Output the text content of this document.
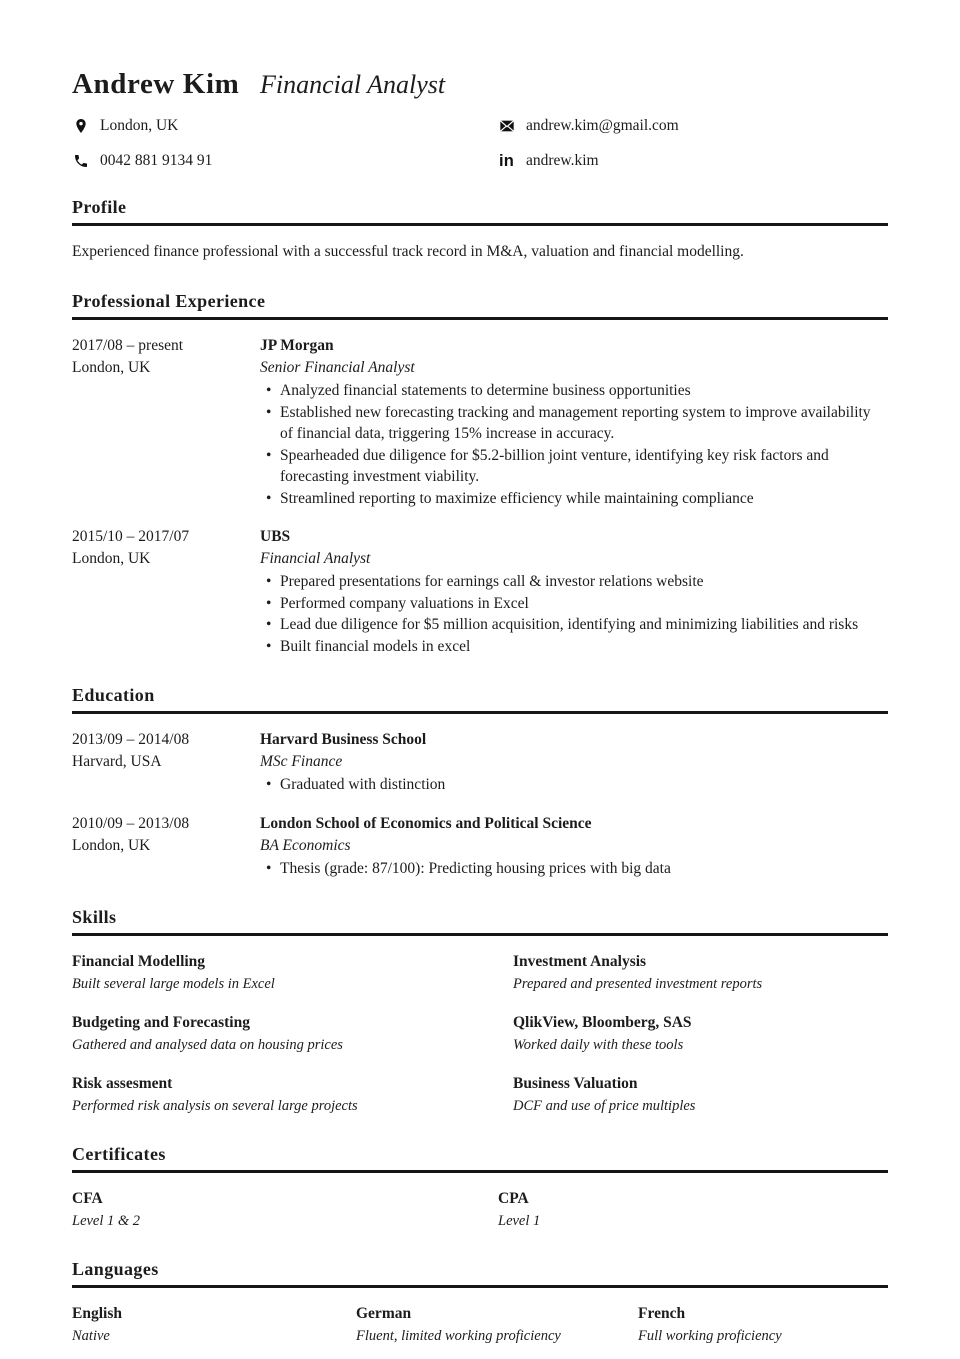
Andrew Kim Financial Analyst
London, UK	andrew.kim@gmail.com
0042 881 9134 91	in andrew.kim
Profile

Experienced finance professional with a successful track record in M&A, valuation and financial modelling.

Professional Experience
2017/08 – present
London, UK
JP Morgan
Senior Financial Analyst
• Analyzed financial statements to determine business opportunities
• Established new forecasting tracking and management reporting system to improve availability of financial data, triggering 15% increase in accuracy.
• Spearheaded due diligence for $5.2-billion joint venture, identifying key risk factors and forecasting investment viability.
• Streamlined reporting to maximize efficiency while maintaining compliance
2015/10 – 2017/07
London, UK
UBS
Financial Analyst
• Prepared presentations for earnings call & investor relations website
• Performed company valuations in Excel
• Lead due diligence for $5 million acquisition, identifying and minimizing liabilities and risks
• Built financial models in excel
Education
2013/09 – 2014/08
Harvard, USA
Harvard Business School
MSc Finance
• Graduated with distinction
2010/09 – 2013/08
London, UK
London School of Economics and Political Science
BA Economics
• Thesis (grade: 87/100): Predicting housing prices with big data
Skills
Financial Modelling
Built several large models in Excel
Investment Analysis
Prepared and presented investment reports
Budgeting and Forecasting
Gathered and analysed data on housing prices
QlikView, Bloomberg, SAS
Worked daily with these tools
Risk assesment
Performed risk analysis on several large projects
Business Valuation
DCF and use of price multiples
Certificates
CFA
Level 1 & 2
CPA
Level 1
Languages
English
Native
German
Fluent, limited working proficiency
French
Full working proficiency
